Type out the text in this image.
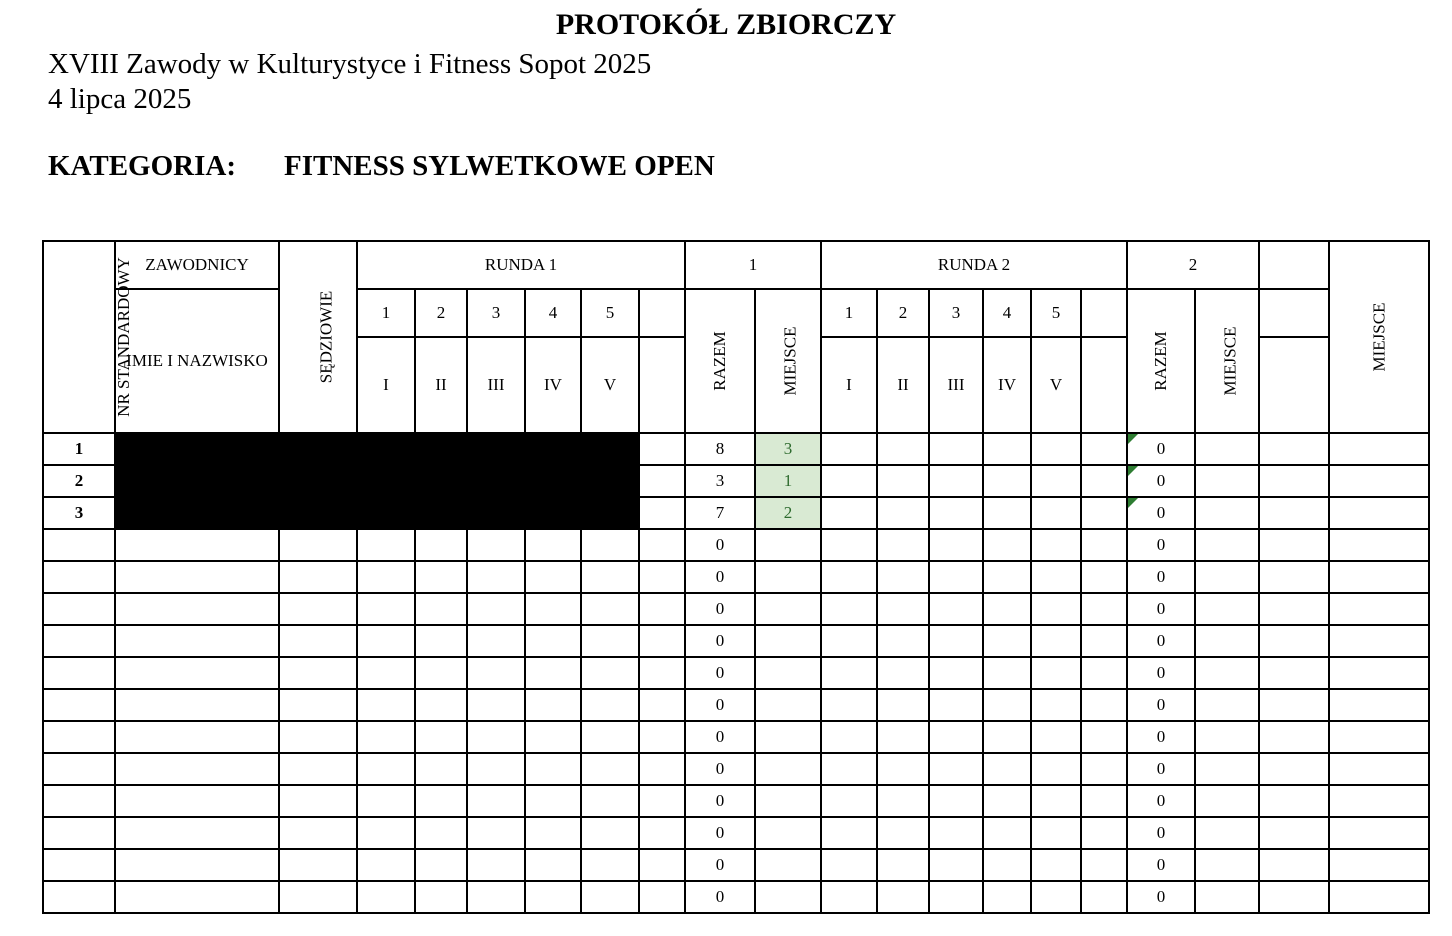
PROTOKÓŁ ZBIORCZY
XVIII Zawody w Kulturystyce i Fitness Sopot 2025
4 lipca 2025
KATEGORIA: FITNESS SYLWETKOWE OPEN
NR STANDARDOWY	ZAWODNICY	SĘDZIOWIE	RUNDA 1						1		RUNDA 2						2			MIEJSCE
	IMIE I NAZWISKO		1	2	3	4	5		RAZEM	MIEJSCE	1	2	3	4	5		RAZEM	MIEJSCE		
			I	II	III	IV	V				I	II	III	IV	V					
1									8	3							0			
2									3	1							0			
3									7	2							0			
									0								0			
									0								0			
									0								0			
									0								0			
									0								0			
									0								0			
									0								0			
									0								0			
									0								0			
									0								0			
									0								0			
									0								0			
